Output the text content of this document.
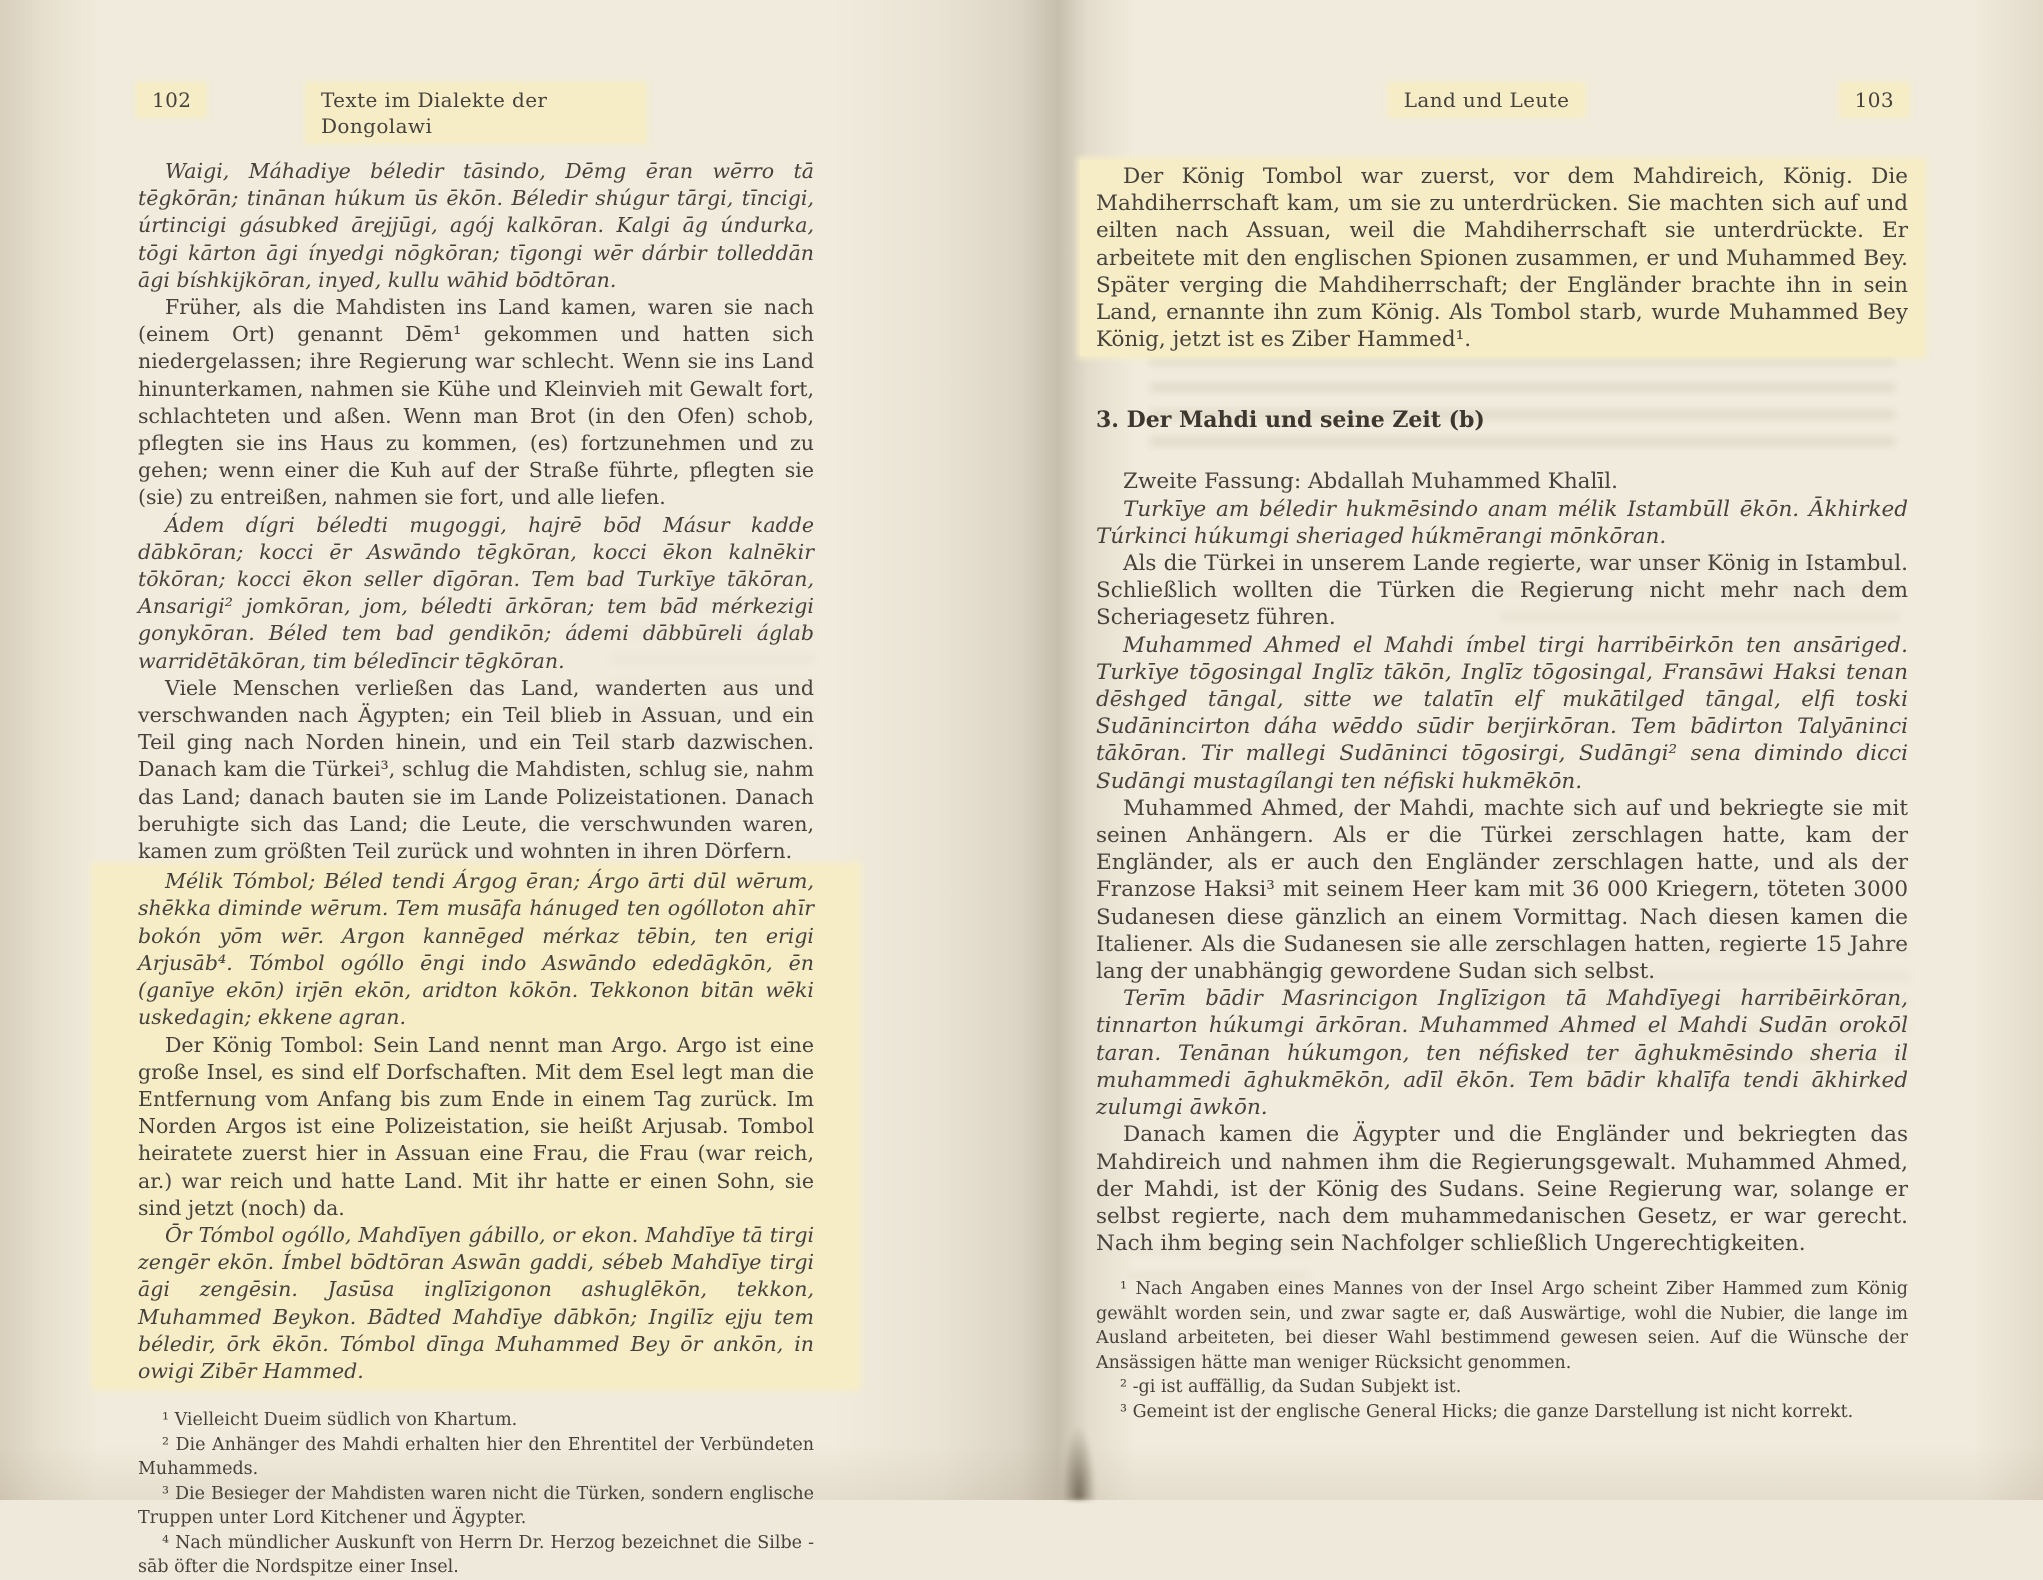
102	Texte im Dialekte der Dongolawi

Waigi, Máhadiye béledir tāsindo, Dēmg ēran wērro tā tēgkōrān; tinānan húkum ūs ēkōn. Béledir shúgur tārgi, tīncigi, úrtincigi gásubked ārejjūgi, agój kalkōran. Kalgi āg úndurka, tōgi kārton āgi ínyedgi nōgkōran; tīgongi wēr dárbir tolleddān āgi bíshkijkōran, inyed, kullu wāhid bōdtōran.

Früher, als die Mahdisten ins Land kamen, waren sie nach (einem Ort) genannt Dēm¹ gekommen und hatten sich niedergelassen; ihre Regierung war schlecht. Wenn sie ins Land hinunterkamen, nahmen sie Kühe und Kleinvieh mit Gewalt fort, schlachteten und aßen. Wenn man Brot (in den Ofen) schob, pflegten sie ins Haus zu kommen, (es) fortzunehmen und zu gehen; wenn einer die Kuh auf der Straße führte, pflegten sie (sie) zu entreißen, nahmen sie fort, und alle liefen.

Ádem dígri béledti mugoggi, hajrē bōd Másur kadde dābkōran; kocci ēr Aswāndo tēgkōran, kocci ēkon kalnēkir tōkōran; kocci ēkon seller dīgōran. Tem bad Turkīye tākōran, Ansarigi² jomkōran, jom, béledti ārkōran; tem bād mérkezigi gonykōran. Béled tem bad gendikōn; ádemi dābbūreli áglab warridētākōran, tim béledīncir tēgkōran.

Viele Menschen verließen das Land, wanderten aus und verschwanden nach Ägypten; ein Teil blieb in Assuan, und ein Teil ging nach Norden hinein, und ein Teil starb dazwischen. Danach kam die Türkei³, schlug die Mahdisten, schlug sie, nahm das Land; danach bauten sie im Lande Polizeistationen. Danach beruhigte sich das Land; die Leute, die verschwunden waren, kamen zum größten Teil zurück und wohnten in ihren Dörfern.

Mélik Tómbol; Béled tendi Árgog ēran; Árgo ārti dūl wērum, shēkka diminde wērum. Tem musāfa hánuged ten ogólloton ahīr bokón yōm wēr. Argon kannēged mérkaz tēbin, ten erigi Arjusāb⁴. Tómbol ogóllo ēngi indo Aswāndo ededāgkōn, ēn (ganīye ekōn) irjēn ekōn, aridton kōkōn. Tekkonon bitān wēki uskedagin; ekkene agran.

Der König Tombol: Sein Land nennt man Argo. Argo ist eine große Insel, es sind elf Dorfschaften. Mit dem Esel legt man die Entfernung vom Anfang bis zum Ende in einem Tag zurück. Im Norden Argos ist eine Polizeistation, sie heißt Arjusab. Tombol heiratete zuerst hier in Assuan eine Frau, die Frau (war reich, ar.) war reich und hatte Land. Mit ihr hatte er einen Sohn, sie sind jetzt (noch) da.

Ōr Tómbol ogóllo, Mahdīyen gábillo, or ekon. Mahdīye tā tirgi zengēr ekōn. Ímbel bōdtōran Aswān gaddi, sébeb Mahdīye tirgi āgi zengēsin. Jasūsa inglīzigonon ashuglēkōn, tekkon, Muhammed Beykon. Bādted Mahdīye dābkōn; Ingilīz ejju tem béledir, ōrk ēkōn. Tómbol dīnga Muhammed Bey ōr ankōn, in owigi Zibēr Hammed.

¹ Vielleicht Dueim südlich von Khartum.

² Die Anhänger des Mahdi erhalten hier den Ehrentitel der Verbündeten Muhammeds.

³ Die Besieger der Mahdisten waren nicht die Türken, sondern englische Truppen unter Lord Kitchener und Ägypter.

⁴ Nach mündlicher Auskunft von Herrn Dr. Herzog bezeichnet die Silbe -sāb öfter die Nordspitze einer Insel.

Land und Leute	103

Der König Tombol war zuerst, vor dem Mahdireich, König. Die Mahdiherrschaft kam, um sie zu unterdrücken. Sie machten sich auf und eilten nach Assuan, weil die Mahdiherrschaft sie unterdrückte. Er arbeitete mit den englischen Spionen zusammen, er und Muhammed Bey. Später verging die Mahdiherrschaft; der Engländer brachte ihn in sein Land, ernannte ihn zum König. Als Tombol starb, wurde Muhammed Bey König, jetzt ist es Ziber Hammed¹.

3. Der Mahdi und seine Zeit (b)

Zweite Fassung: Abdallah Muhammed Khalīl.

Turkīye am béledir hukmēsindo anam mélik Istambūll ēkōn. Ākhirked Túrkinci húkumgi sheriaged húkmērangi mōnkōran.

Als die Türkei in unserem Lande regierte, war unser König in Istambul. Schließlich wollten die Türken die Regierung nicht mehr nach dem Scheriagesetz führen.

Muhammed Ahmed el Mahdi ímbel tirgi harribēirkōn ten ansāriged. Turkīye tōgosingal Inglīz tākōn, Inglīz tōgosingal, Fransāwi Haksi tenan dēshged tāngal, sitte we talatīn elf mukātilged tāngal, elfi toski Sudānincirton dáha wēddo sūdir berjirkōran. Tem bādirton Talyāninci tākōran. Tir mallegi Sudāninci tōgosirgi, Sudāngi² sena dimindo dicci Sudāngi mustagílangi ten néfiski hukmēkōn.

Muhammed Ahmed, der Mahdi, machte sich auf und bekriegte sie mit seinen Anhängern. Als er die Türkei zerschlagen hatte, kam der Engländer, als er auch den Engländer zerschlagen hatte, und als der Franzose Haksi³ mit seinem Heer kam mit 36 000 Kriegern, töteten 3000 Sudanesen diese gänzlich an einem Vormittag. Nach diesen kamen die Italiener. Als die Sudanesen sie alle zerschlagen hatten, regierte 15 Jahre lang der unabhängig gewordene Sudan sich selbst.

Terīm bādir Masrincigon Inglīzigon tā Mahdīyegi harribēirkōran, tinnarton húkumgi ārkōran. Muhammed Ahmed el Mahdi Sudān orokōl taran. Tenānan húkumgon, ten néfisked ter āghukmēsindo sheria il muhammedi āghukmēkōn, adīl ēkōn. Tem bādir khalīfa tendi ākhirked zulumgi āwkōn.

Danach kamen die Ägypter und die Engländer und bekriegten das Mahdireich und nahmen ihm die Regierungsgewalt. Muhammed Ahmed, der Mahdi, ist der König des Sudans. Seine Regierung war, solange er selbst regierte, nach dem muhammedanischen Gesetz, er war gerecht. Nach ihm beging sein Nachfolger schließlich Ungerechtigkeiten.

¹ Nach Angaben eines Mannes von der Insel Argo scheint Ziber Hammed zum König gewählt worden sein, und zwar sagte er, daß Auswärtige, wohl die Nubier, die lange im Ausland arbeiteten, bei dieser Wahl bestimmend gewesen seien. Auf die Wünsche der Ansässigen hätte man weniger Rücksicht genommen.

² -gi ist auffällig, da Sudan Subjekt ist.

³ Gemeint ist der englische General Hicks; die ganze Darstellung ist nicht korrekt.
